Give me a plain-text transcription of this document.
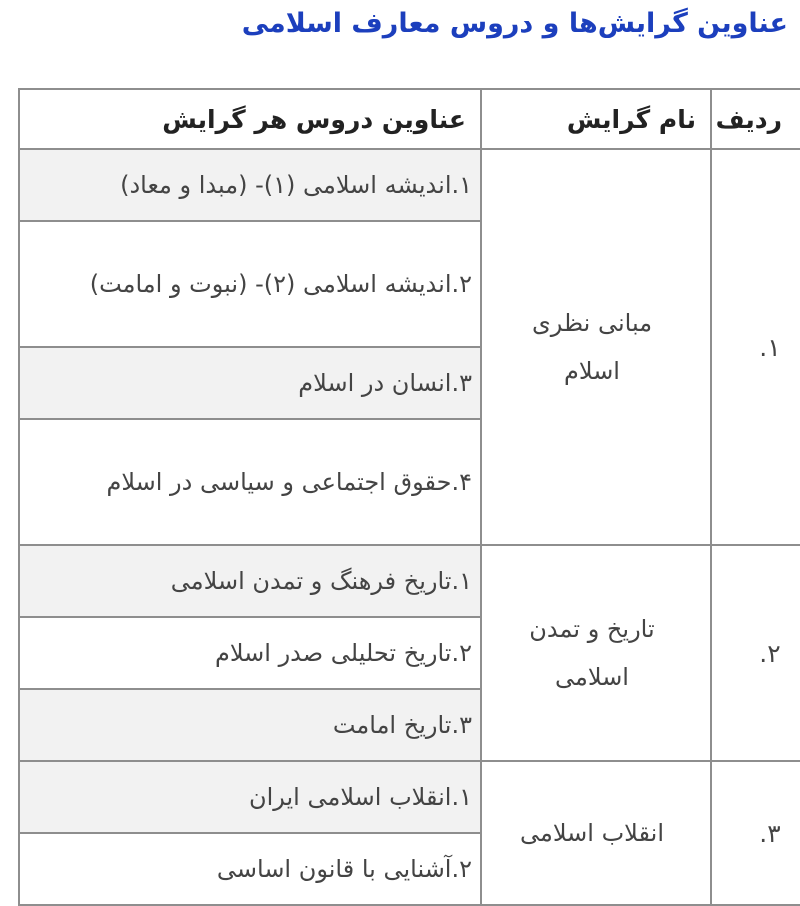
عناوین گرایش‌ها و دروس معارف اسلامی
ردیف	نام گرایش	عناوین دروس هر گرایش
۱.	مبانی نظری اسلام	۱.اندیشه اسلامی (۱)- (مبدا و معاد)
		۲.اندیشه اسلامی (۲)- (نبوت و امامت)
		۳.انسان در اسلام
		۴.حقوق اجتماعی و سیاسی در اسلام
۲.	تاریخ و تمدن اسلامی	۱.تاریخ فرهنگ و تمدن اسلامی
		۲.تاریخ تحلیلی صدر اسلام
		۳.تاریخ امامت
۳.	انقلاب اسلامی	۱.انقلاب اسلامی ایران
		۲.آشنایی با قانون اساسی
